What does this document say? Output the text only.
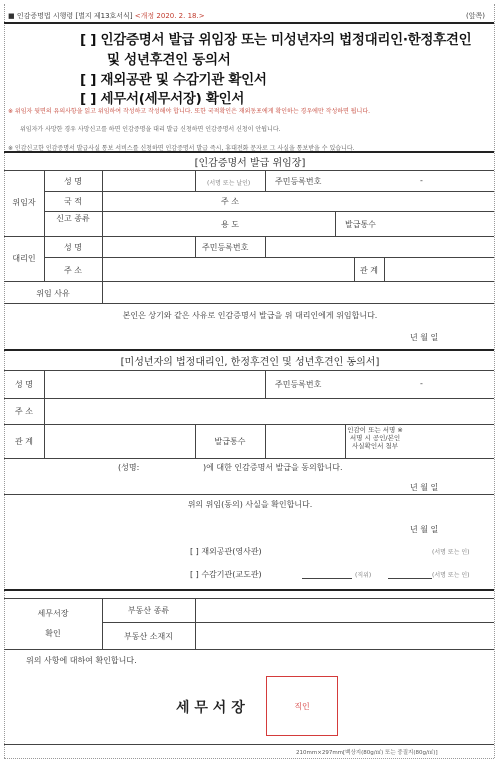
■ 인감증명법 시행령 [별지 제13호서식] <개정 2020. 2. 18.>	(앞쪽)
[ ] 인감증명서 발급 위임장 또는 미성년자의 법정대리인·한정후견인
및 성년후견인 동의서
[ ] 재외공관 및 수감기관 확인서
[ ] 세무서(세무서장) 확인서
※ 위임자 뒷면의 유의사항을 읽고 위임하여 작성하고 작성해야 합니다. 또한 국적확인은 재외동포에게 확인하는 경우에만 작성하면 됩니다.
위임자가 사망한 경우 사망신고를 하면 인감증명을 대리 발급 신청하면 인감증명서 신청이 안됩니다.
※ 인감신고한 인감증명서 발급사실 통보 서비스를 신청하면 인감증명서 발급 즉시, 휴대전화 문자로 그 사실을 통보받을 수 있습니다.
[인감증명서 발급 위임장]
위임자
성 명	(서명 또는 날인)	주민등록번호	-
국 적	주 소
신고 종류
용 도	발급통수
대리인
성 명	주민등록번호
주 소	관 계
위임 사유
본인은 상기와 같은 사유로 인감증명서 발급을 위 대리인에게 위임합니다.
년 월 일
[미성년자의 법정대리인, 한정후견인 및 성년후견인 동의서]
성 명	주민등록번호	-
주 소
관 계	발급통수
인감이 또는 서명 ※서명 시 공인/본인 사실확인서 첨부
(성명:	)에 대한 인감증명서 발급을 동의합니다.
년 월 일
위의 위임(동의) 사실을 확인합니다.
년 월 일
[ ] 재외공관(영사관)	(서명 또는 인)
[ ] 수감기관(교도관)	(직위)	(서명 또는 인)
세무서장
확인
부동산 종류
부동산 소재지
위의 사항에 대하여 확인합니다.
세 무 서 장	직인
210mm×297mm[백상지(80g/㎡) 또는 중질지(80g/㎡)]
